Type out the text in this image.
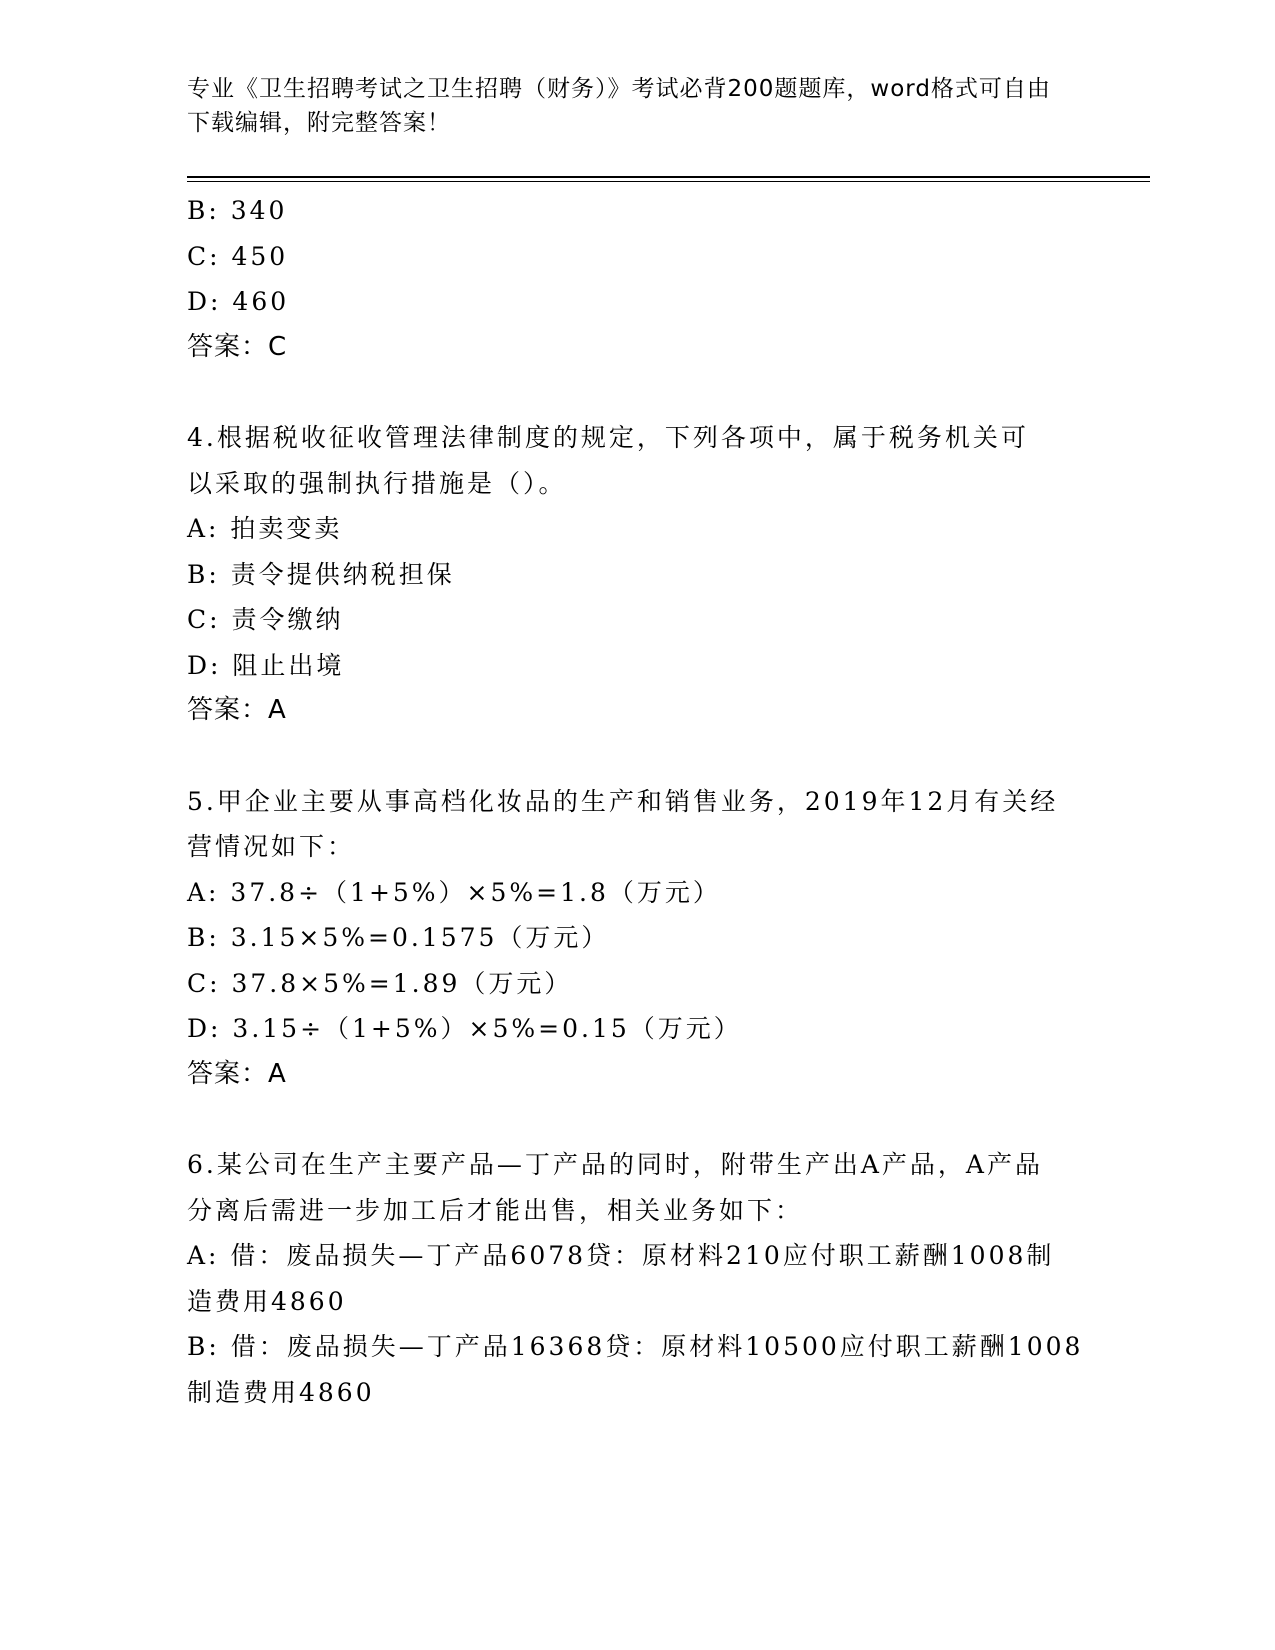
专业《卫生招聘考试之卫生招聘（财务）》考试必背200题题库，word格式可自由下载编辑，附完整答案！
B: 340
C: 450
D: 460
答案：C
4.根据税收征收管理法律制度的规定，下列各项中，属于税务机关可
以采取的强制执行措施是（）。
A: 拍卖变卖
B: 责令提供纳税担保
C: 责令缴纳
D: 阻止出境
答案：A
5.甲企业主要从事高档化妆品的生产和销售业务，2019年12月有关经
营情况如下：
A: 37.8÷（1+5%）×5%=1.8（万元）
B: 3.15×5%=0.1575（万元）
C: 37.8×5%=1.89（万元）
D: 3.15÷（1+5%）×5%=0.15（万元）
答案：A
6.某公司在生产主要产品—丁产品的同时，附带生产出A产品，A产品
分离后需进一步加工后才能出售，相关业务如下：
A: 借：废品损失—丁产品6078贷：原材料210应付职工薪酬1008制
造费用4860
B: 借：废品损失—丁产品16368贷：原材料10500应付职工薪酬1008
制造费用4860
